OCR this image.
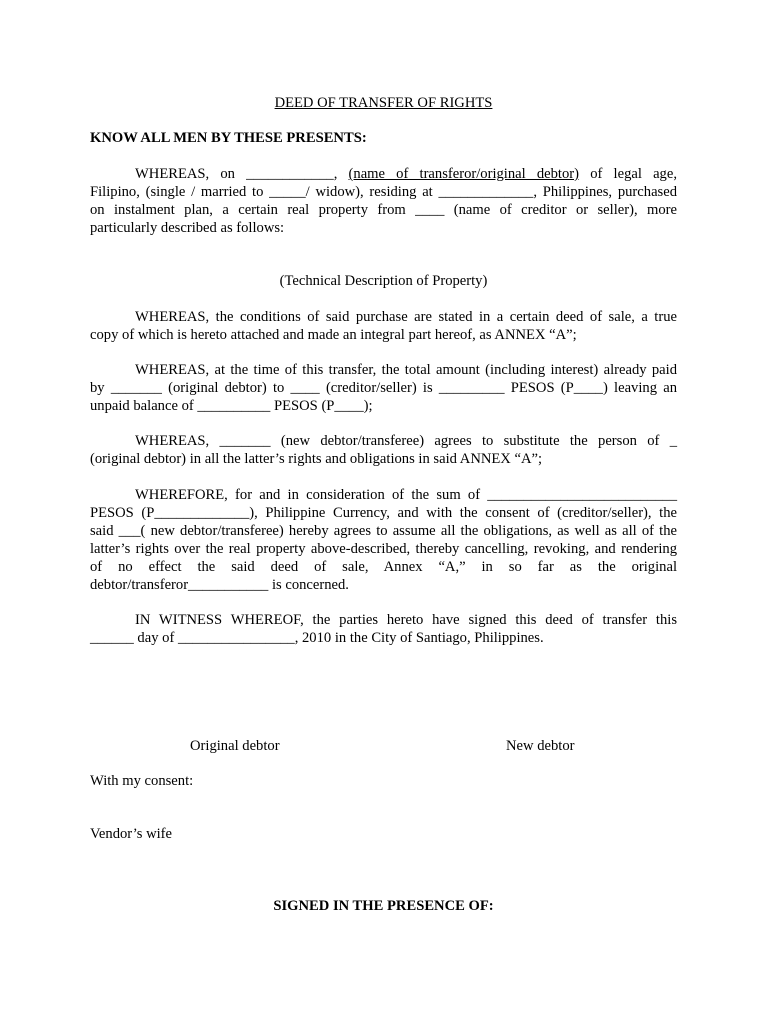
DEED OF TRANSFER OF RIGHTS
KNOW ALL MEN BY THESE PRESENTS:
WHEREAS, on ____________, (name of transferor/original debtor) of legal age,
Filipino, (single / married to _____/ widow), residing at _____________, Philippines, purchased
on instalment plan, a certain real property from ____ (name of creditor or seller), more
particularly described as follows:
(Technical Description of Property)
WHEREAS, the conditions of said purchase are stated in a certain deed of sale, a true
copy of which is hereto attached and made an integral part hereof, as ANNEX “A”;
WHEREAS, at the time of this transfer, the total amount (including interest) already paid
by _______ (original debtor) to ____ (creditor/seller) is _________ PESOS (P____) leaving an
unpaid balance of __________ PESOS (P____);
WHEREAS, _______ (new debtor/transferee) agrees to substitute the person of _
(original debtor) in all the latter’s rights and obligations in said ANNEX “A”;
WHEREFORE, for and in consideration of the sum of __________________________
PESOS (P_____________), Philippine Currency, and with the consent of (creditor/seller), the
said ___( new debtor/transferee) hereby agrees to assume all the obligations, as well as all of the
latter’s rights over the real property above-described, thereby cancelling, revoking, and rendering
of no effect the said deed of sale, Annex “A,” in so far as the original
debtor/transferor___________ is concerned.
IN WITNESS WHEREOF, the parties hereto have signed this deed of transfer this
______ day of ________________, 2010 in the City of Santiago, Philippines.
Original debtor	New debtor
With my consent:
Vendor’s wife
SIGNED IN THE PRESENCE OF:
